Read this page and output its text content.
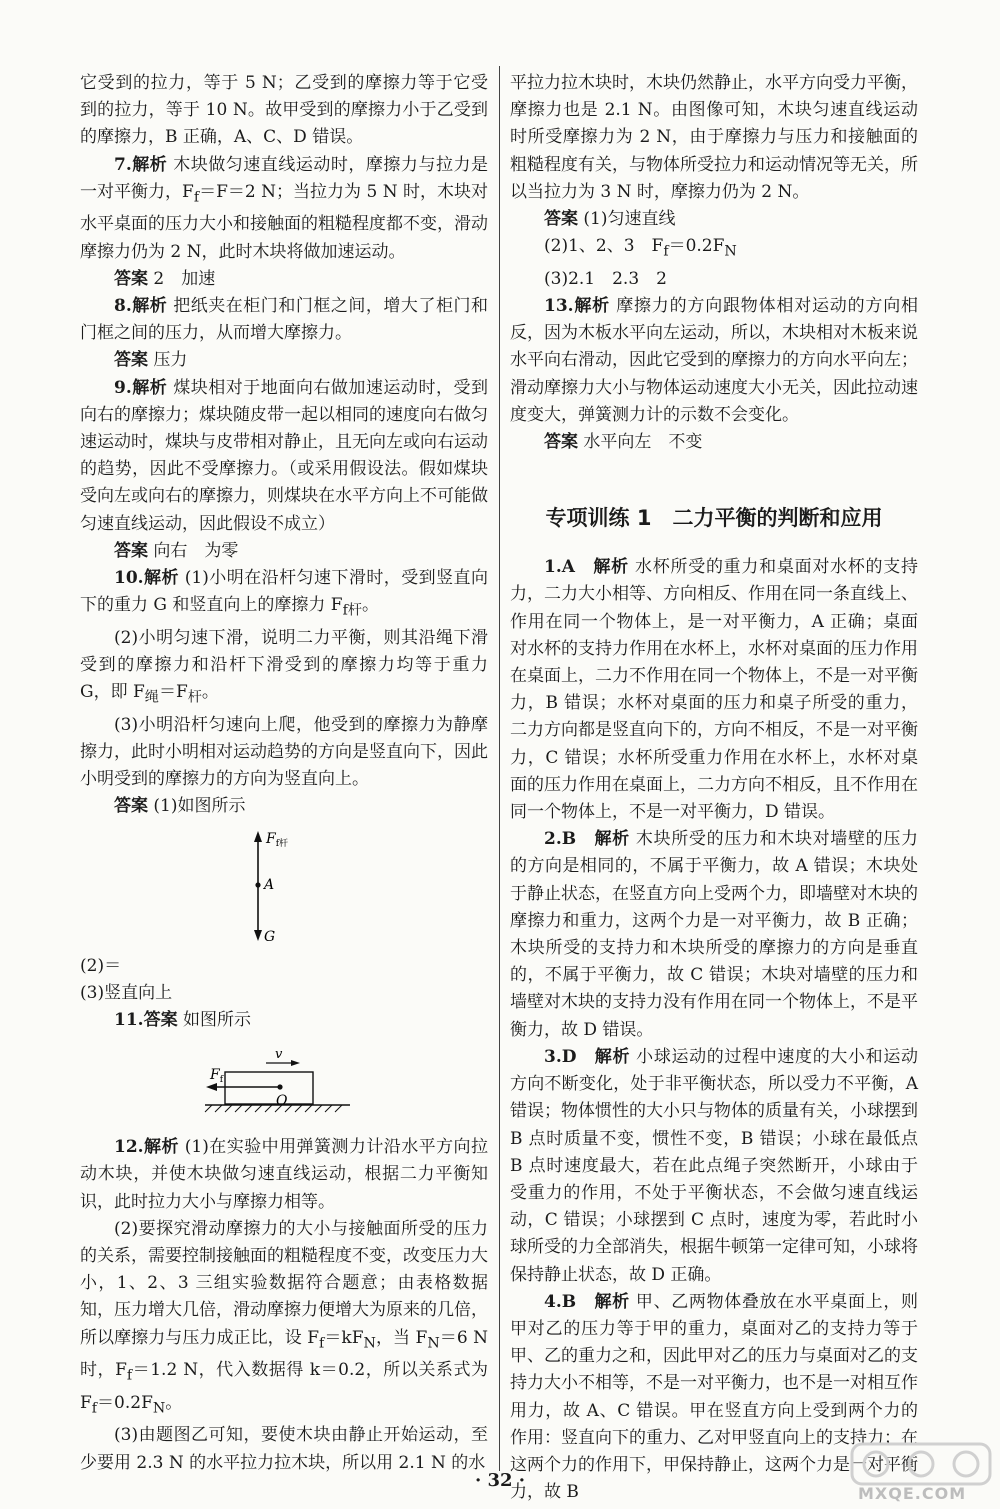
它受到的拉力，等于 5 N；乙受到的摩擦力等于它受到的拉力，等于 10 N。故甲受到的摩擦力小于乙受到的摩擦力，B 正确，A、C、D 错误。

7.解析 木块做匀速直线运动时，摩擦力与拉力是一对平衡力，$F_f=F=2$ N；当拉力为 5 N 时，木块对水平桌面的压力大小和接触面的粗糙程度都不变，滑动摩擦力仍为 2 N，此时木块将做加速运动。

答案 2　加速

8.解析 把纸夹在柜门和门框之间，增大了柜门和门框之间的压力，从而增大摩擦力。

答案 压力

9.解析 煤块相对于地面向右做加速运动时，受到向右的摩擦力；煤块随皮带一起以相同的速度向右做匀速运动时，煤块与皮带相对静止，且无向左或向右运动的趋势，因此不受摩擦力。（或采用假设法。假如煤块受向左或向右的摩擦力，则煤块在水平方向上不可能做匀速直线运动，因此假设不成立）

答案 向右　为零

10.解析 (1)小明在沿杆匀速下滑时，受到竖直向下的重力 G 和竖直向上的摩擦力 $F_{f杆}$。

(2)小明匀速下滑，说明二力平衡，则其沿绳下滑受到的摩擦力和沿杆下滑受到的摩擦力均等于重力 G，即 $F_绳=F_杆$。

(3)小明沿杆匀速向上爬，他受到的摩擦力为静摩擦力，此时小明相对运动趋势的方向是竖直向下，因此小明受到的摩擦力的方向为竖直向上。

答案 (1)如图所示

$F_{f杆}$
A
G

(2)＝

(3)竖直向上

11.答案 如图所示

v
O
$F_f$

12.解析 (1)在实验中用弹簧测力计沿水平方向拉动木块，并使木块做匀速直线运动，根据二力平衡知识，此时拉力大小与摩擦力相等。

(2)要探究滑动摩擦力的大小与接触面所受的压力的关系，需要控制接触面的粗糙程度不变，改变压力大小，1、2、3 三组实验数据符合题意；由表格数据知，压力增大几倍，滑动摩擦力便增大为原来的几倍，所以摩擦力与压力成正比，设 $F_f=kF_N$，当 $F_N=6$ N 时，$F_f=1.2$ N，代入数据得 k＝0.2，所以关系式为 $F_f=0.2F_N$。

(3)由题图乙可知，要使木块由静止开始运动，至少要用 2.3 N 的水平拉力拉木块，所以用 2.1 N 的水

平拉力拉木块时，木块仍然静止，水平方向受力平衡，摩擦力也是 2.1 N。由图像可知，木块匀速直线运动时所受摩擦力为 2 N，由于摩擦力与压力和接触面的粗糙程度有关，与物体所受拉力和运动情况等无关，所以当拉力为 3 N 时，摩擦力仍为 2 N。

答案 (1)匀速直线

(2)1、2、3　$F_f=0.2F_N$

(3)2.1　2.3　2

13.解析 摩擦力的方向跟物体相对运动的方向相反，因为木板水平向左运动，所以，木块相对木板来说水平向右滑动，因此它受到的摩擦力的方向水平向左；滑动摩擦力大小与物体运动速度大小无关，因此拉动速度变大，弹簧测力计的示数不会变化。

答案 水平向左　不变

专项训练 1　二力平衡的判断和应用

1.A　解析 水杯所受的重力和桌面对水杯的支持力，二力大小相等、方向相反、作用在同一条直线上、作用在同一个物体上，是一对平衡力，A 正确；桌面对水杯的支持力作用在水杯上，水杯对桌面的压力作用在桌面上，二力不作用在同一个物体上，不是一对平衡力，B 错误；水杯对桌面的压力和桌子所受的重力，二力方向都是竖直向下的，方向不相反，不是一对平衡力，C 错误；水杯所受重力作用在水杯上，水杯对桌面的压力作用在桌面上，二力方向不相反，且不作用在同一个物体上，不是一对平衡力，D 错误。

2.B　解析 木块所受的压力和木块对墙壁的压力的方向是相同的，不属于平衡力，故 A 错误；木块处于静止状态，在竖直方向上受两个力，即墙壁对木块的摩擦力和重力，这两个力是一对平衡力，故 B 正确；木块所受的支持力和木块所受的摩擦力的方向是垂直的，不属于平衡力，故 C 错误；木块对墙壁的压力和墙壁对木块的支持力没有作用在同一个物体上，不是平衡力，故 D 错误。

3.D　解析 小球运动的过程中速度的大小和运动方向不断变化，处于非平衡状态，所以受力不平衡，A 错误；物体惯性的大小只与物体的质量有关，小球摆到 B 点时质量不变，惯性不变，B 错误；小球在最低点 B 点时速度最大，若在此点绳子突然断开，小球由于受重力的作用，不处于平衡状态，不会做匀速直线运动，C 错误；小球摆到 C 点时，速度为零，若此时小球所受的力全部消失，根据牛顿第一定律可知，小球将保持静止状态，故 D 正确。

4.B　解析 甲、乙两物体叠放在水平桌面上，则甲对乙的压力等于甲的重力，桌面对乙的支持力等于甲、乙的重力之和，因此甲对乙的压力与桌面对乙的支持力大小不相等，不是一对平衡力，也不是一对相互作用力，故 A、C 错误。甲在竖直方向上受到两个力的作用：竖直向下的重力、乙对甲竖直向上的支持力；在这两个力的作用下，甲保持静止，这两个力是一对平衡力，故 B

· 32 ·
MXQE.COM
